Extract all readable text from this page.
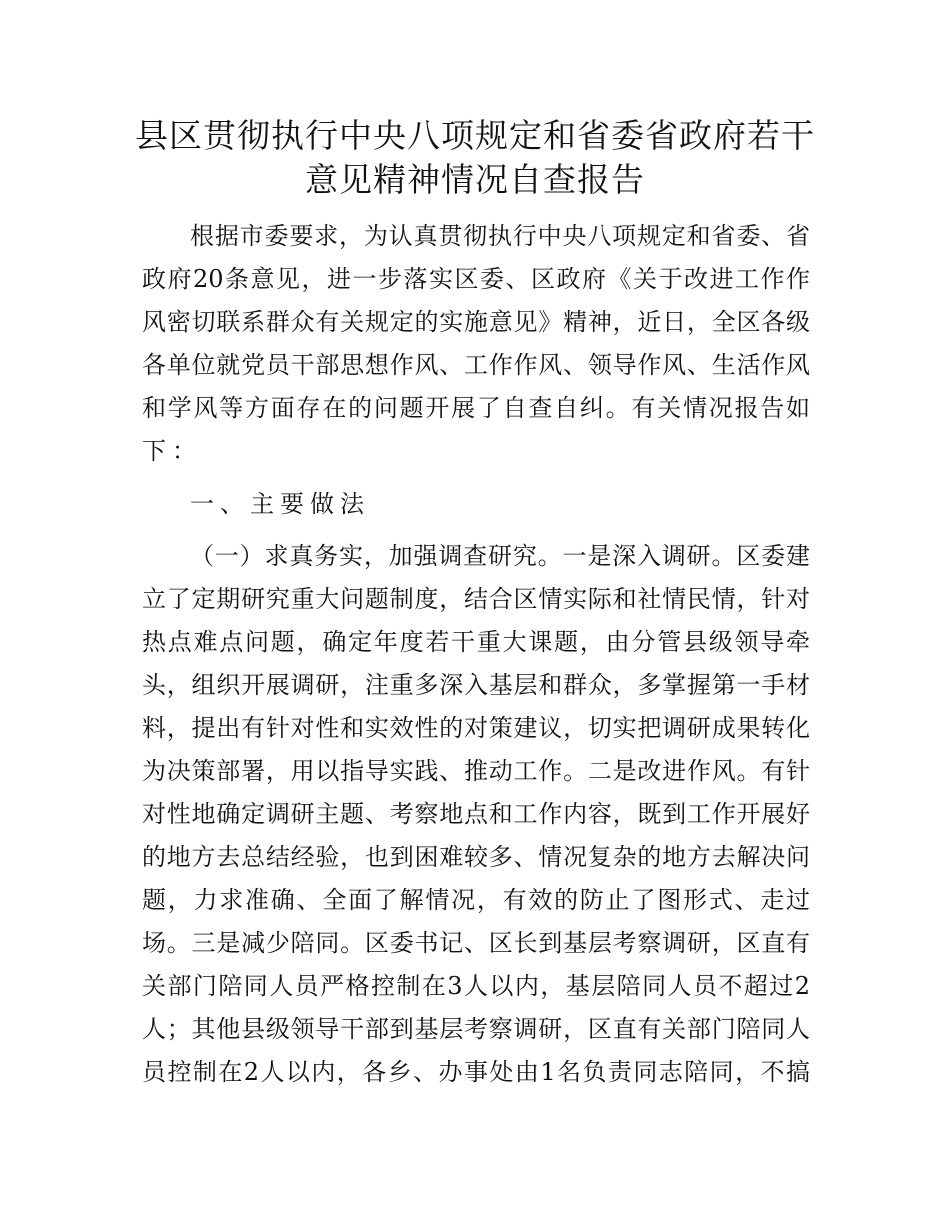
县区贯彻执行中央八项规定和省委省政府若干
意见精神情况自查报告
根据市委要求，为认真贯彻执行中央八项规定和省委、省
政府20条意见，进一步落实区委、区政府《关于改进工作作
风密切联系群众有关规定的实施意见》精神，近日，全区各级
各单位就党员干部思想作风、工作作风、领导作风、生活作风
和学风等方面存在的问题开展了自查自纠。有关情况报告如
下：
一、主要做法
（一）求真务实，加强调查研究。一是深入调研。区委建
立了定期研究重大问题制度，结合区情实际和社情民情，针对
热点难点问题，确定年度若干重大课题，由分管县级领导牵
头，组织开展调研，注重多深入基层和群众，多掌握第一手材
料，提出有针对性和实效性的对策建议，切实把调研成果转化
为决策部署，用以指导实践、推动工作。二是改进作风。有针
对性地确定调研主题、考察地点和工作内容，既到工作开展好
的地方去总结经验，也到困难较多、情况复杂的地方去解决问
题，力求准确、全面了解情况，有效的防止了图形式、走过
场。三是减少陪同。区委书记、区长到基层考察调研，区直有
关部门陪同人员严格控制在3人以内，基层陪同人员不超过2
人；其他县级领导干部到基层考察调研，区直有关部门陪同人
员控制在2人以内，各乡、办事处由1名负责同志陪同，不搞
